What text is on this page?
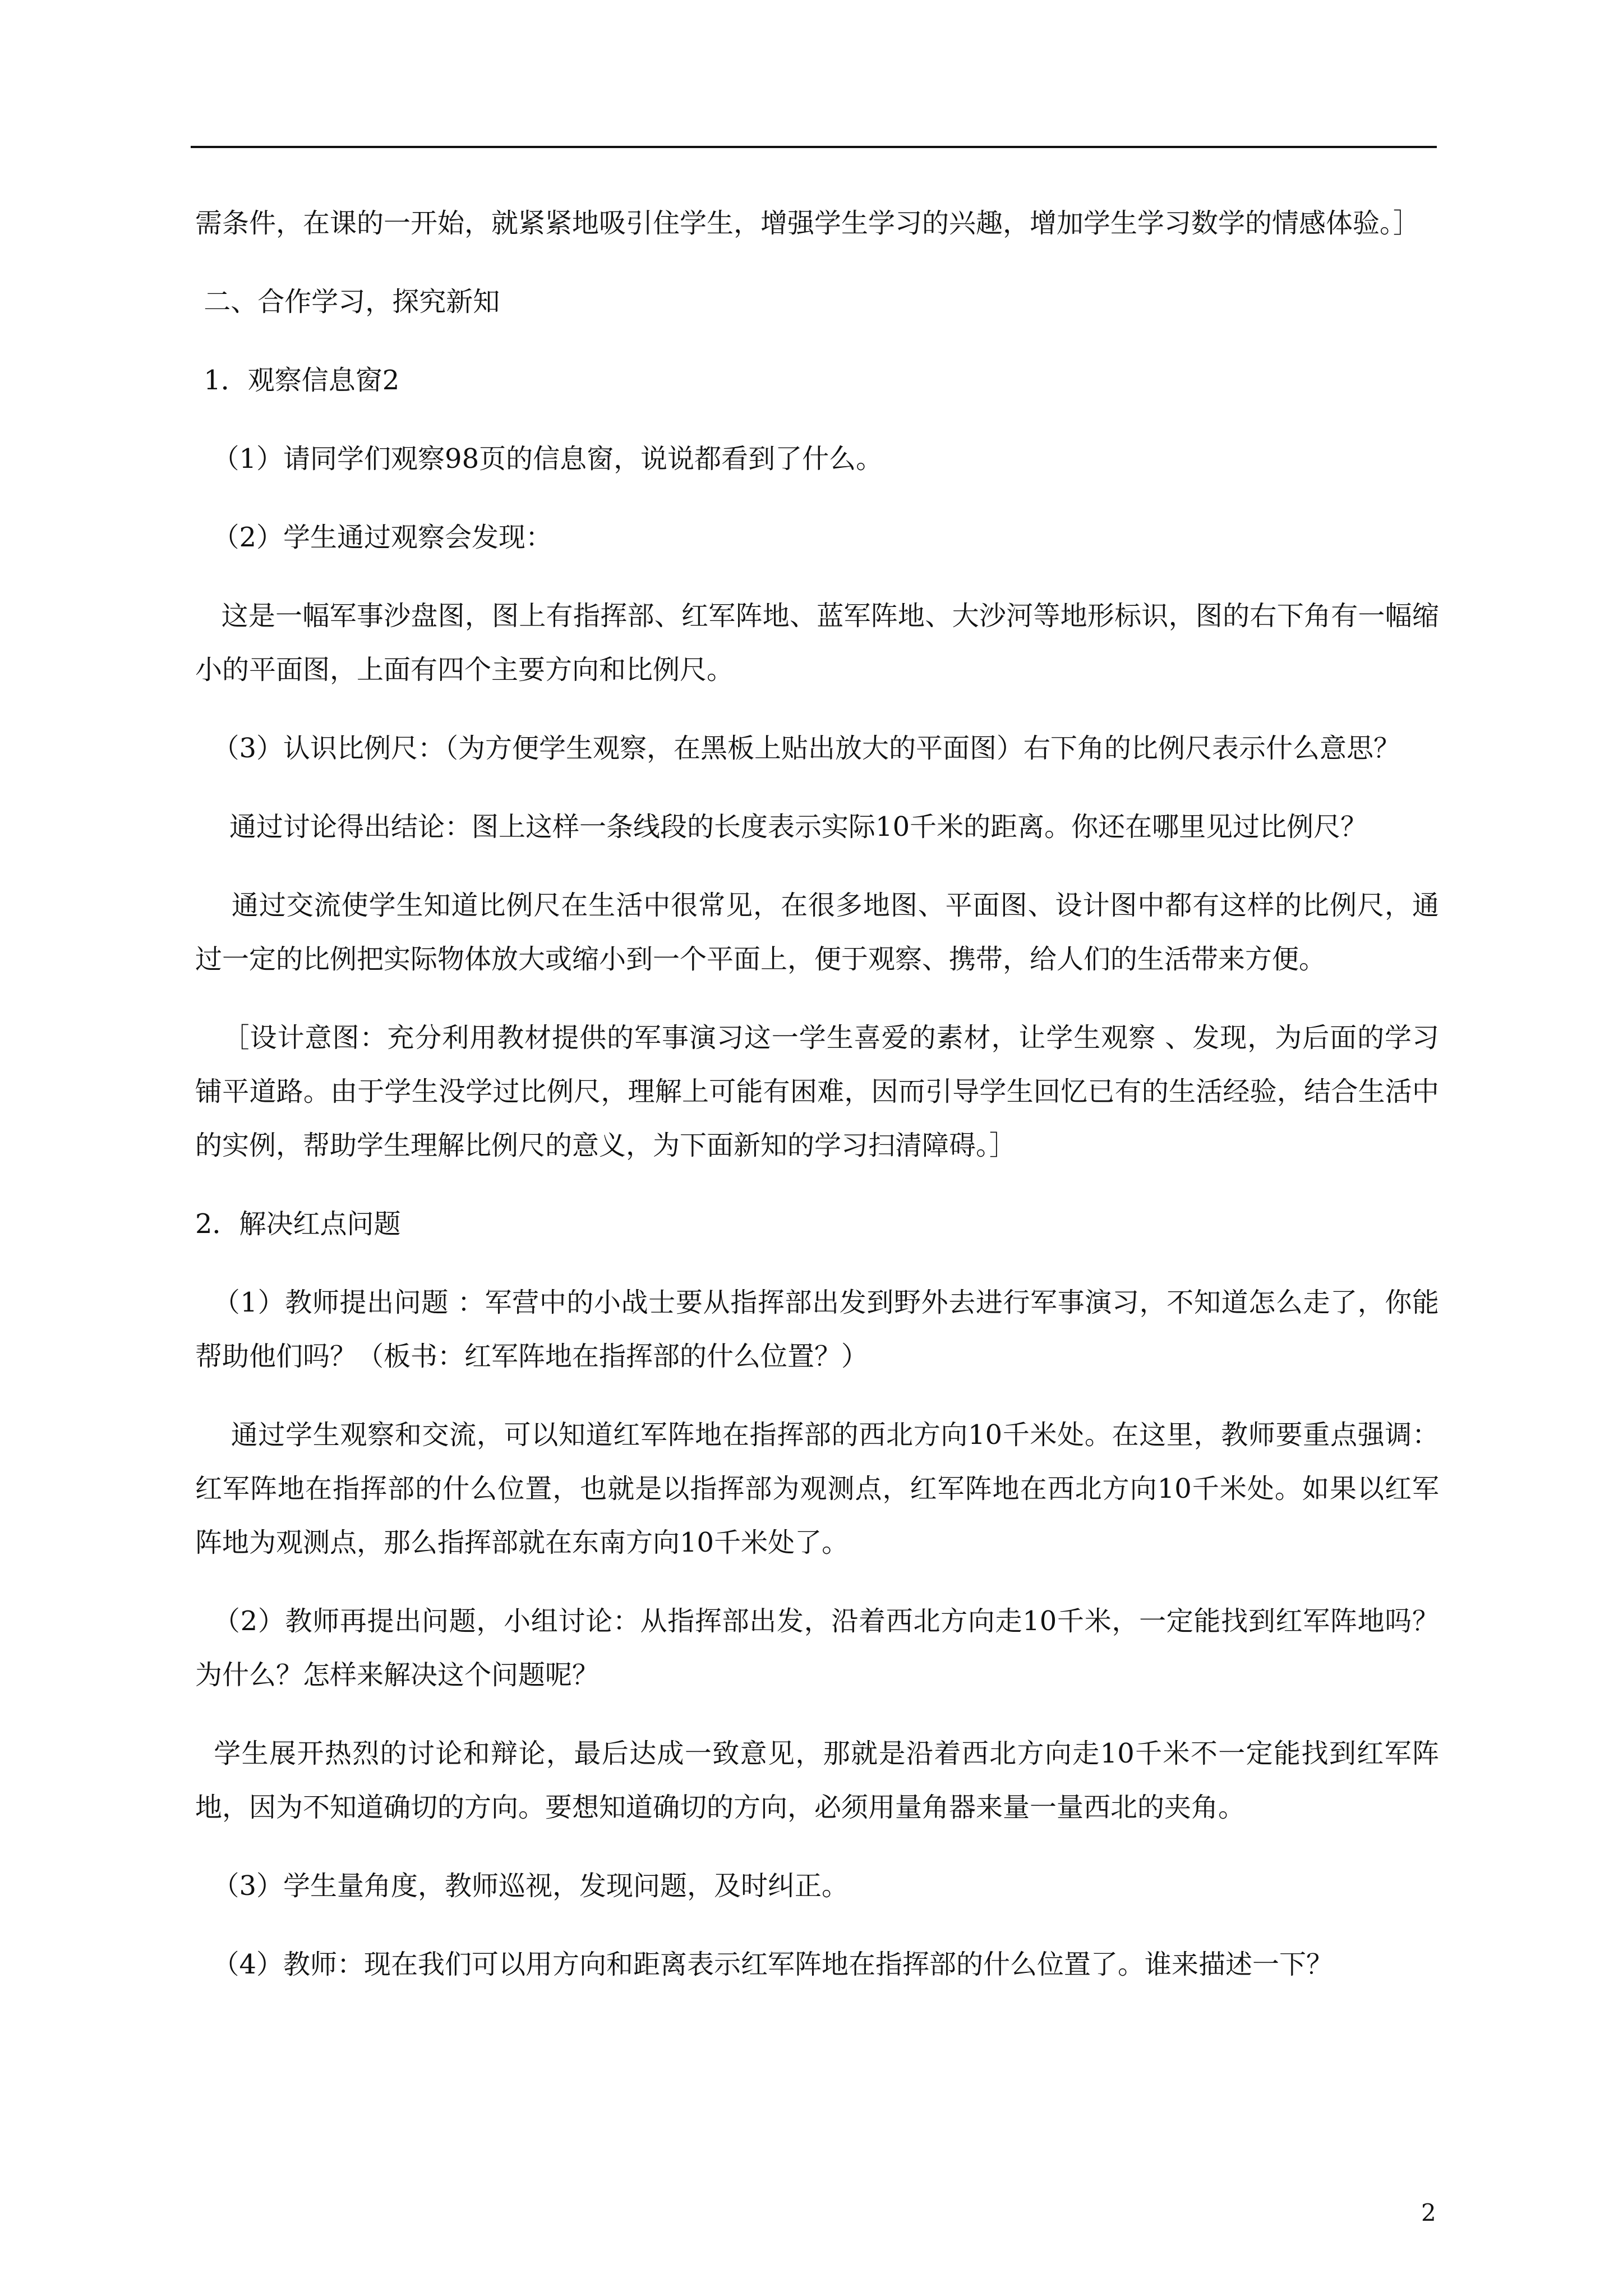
需条件，在课的一开始，就紧紧地吸引住学生，增强学生学习的兴趣，增加学生学习数学的情感体验。］

二、合作学习，探究新知

1．观察信息窗2

（1）请同学们观察98页的信息窗，说说都看到了什么。

（2）学生通过观察会发现：

这是一幅军事沙盘图，图上有指挥部、红军阵地、蓝军阵地、大沙河等地形标识，图的右下角有一幅缩小的平面图，上面有四个主要方向和比例尺。

（3）认识比例尺：（为方便学生观察，在黑板上贴出放大的平面图）右下角的比例尺表示什么意思？

通过讨论得出结论：图上这样一条线段的长度表示实际10千米的距离。你还在哪里见过比例尺？

通过交流使学生知道比例尺在生活中很常见，在很多地图、平面图、设计图中都有这样的比例尺，通过一定的比例把实际物体放大或缩小到一个平面上，便于观察、携带，给人们的生活带来方便。

［设计意图：充分利用教材提供的军事演习这一学生喜爱的素材，让学生观察 、发现，为后面的学习铺平道路。由于学生没学过比例尺，理解上可能有困难，因而引导学生回忆已有的生活经验，结合生活中的实例，帮助学生理解比例尺的意义，为下面新知的学习扫清障碍。］

2．解决红点问题

（1）教师提出问题 ：军营中的小战士要从指挥部出发到野外去进行军事演习，不知道怎么走了，你能帮助他们吗？（板书：红军阵地在指挥部的什么位置？）

通过学生观察和交流，可以知道红军阵地在指挥部的西北方向10千米处。在这里，教师要重点强调：红军阵地在指挥部的什么位置，也就是以指挥部为观测点，红军阵地在西北方向10千米处。如果以红军阵地为观测点，那么指挥部就在东南方向10千米处了。

（2）教师再提出问题，小组讨论：从指挥部出发，沿着西北方向走10千米，一定能找到红军阵地吗？为什么？怎样来解决这个问题呢？

学生展开热烈的讨论和辩论，最后达成一致意见，那就是沿着西北方向走10千米不一定能找到红军阵地，因为不知道确切的方向。要想知道确切的方向，必须用量角器来量一量西北的夹角。

（3）学生量角度，教师巡视，发现问题，及时纠正。

（4）教师：现在我们可以用方向和距离表示红军阵地在指挥部的什么位置了。谁来描述一下？

2
